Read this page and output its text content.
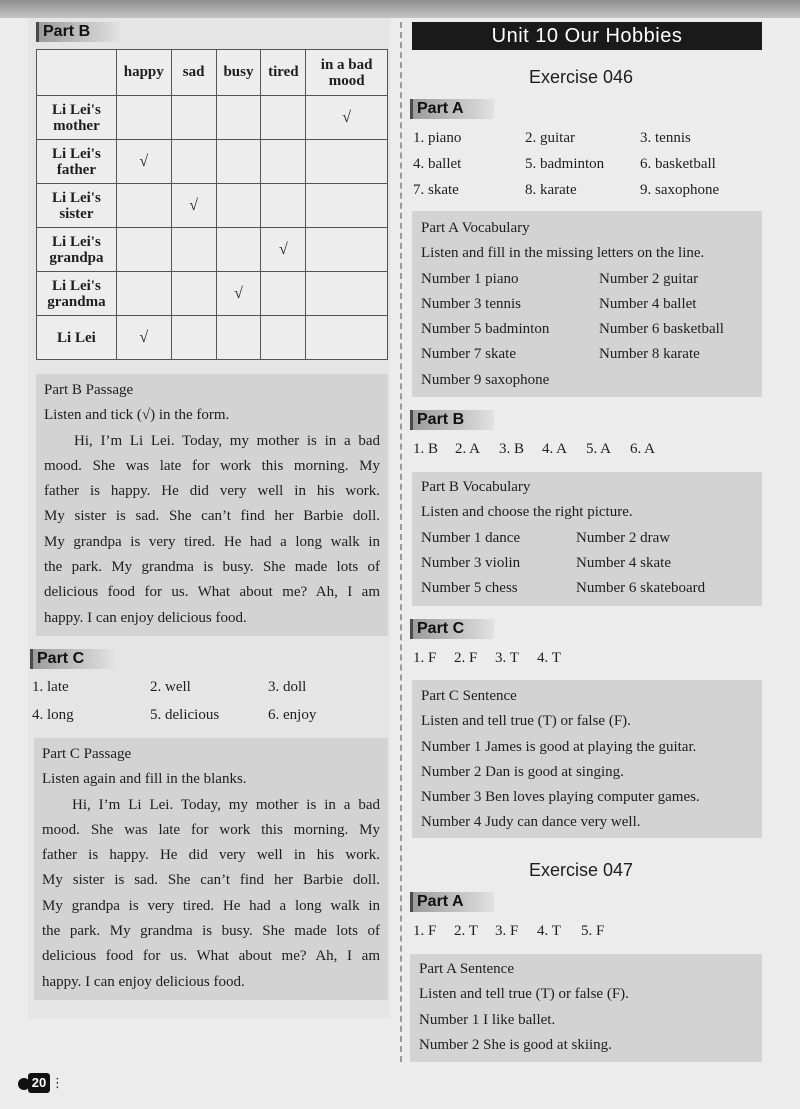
Part B
	happy	sad	busy	tired	in a bad mood
Li Lei's mother					√
Li Lei's father	√				
Li Lei's sister		√			
Li Lei's grandpa				√	
Li Lei's grandma			√		
Li Lei	√				
Part B Passage
Listen and tick (√) in the form.
Hi, I’m Li Lei. Today, my mother is in a bad
mood. She was late for work this morning. My
father is happy. He did very well in his work.
My sister is sad. She can’t find her Barbie doll.
My grandpa is very tired. He had a long walk in
the park. My grandma is busy. She made lots of
delicious food for us. What about me? Ah, I am
happy. I can enjoy delicious food.
Part C
1. late	2. well	3. doll
4. long	5. delicious	6. enjoy
Part C Passage
Listen again and fill in the blanks.
Hi, I’m Li Lei. Today, my mother is in a bad
mood. She was late for work this morning. My
father is happy. He did very well in his work.
My sister is sad. She can’t find her Barbie doll.
My grandpa is very tired. He had a long walk in
the park. My grandma is busy. She made lots of
delicious food for us. What about me? Ah, I am
happy. I can enjoy delicious food.
Unit 10 Our Hobbies
Exercise 046
Part A
1. piano	2. guitar	3. tennis
4. ballet	5. badminton 6. basketball
7. skate	8. karate	9. saxophone
Part A Vocabulary
Listen and fill in the missing letters on the line.
Number 1 piano	Number 2 guitar
Number 3 tennis	Number 4 ballet
Number 5 badminton	Number 6 basketball
Number 7 skate	Number 8 karate
Number 9 saxophone
Part B
1. B 2. A 3. B 4. A 5. A 6. A
Part B Vocabulary
Listen and choose the right picture.
Number 1 dance	Number 2 draw
Number 3 violin	Number 4 skate
Number 5 chess	Number 6 skateboard
Part C
1. F 2. F 3. T 4. T
Part C Sentence
Listen and tell true (T) or false (F).
Number 1 James is good at playing the guitar.
Number 2 Dan is good at singing.
Number 3 Ben loves playing computer games.
Number 4 Judy can dance very well.
Exercise 047
Part A
1. F 2. T 3. F 4. T 5. F
Part A Sentence
Listen and tell true (T) or false (F).
Number 1 I like ballet.
Number 2 She is good at skiing.
20 ⋮
